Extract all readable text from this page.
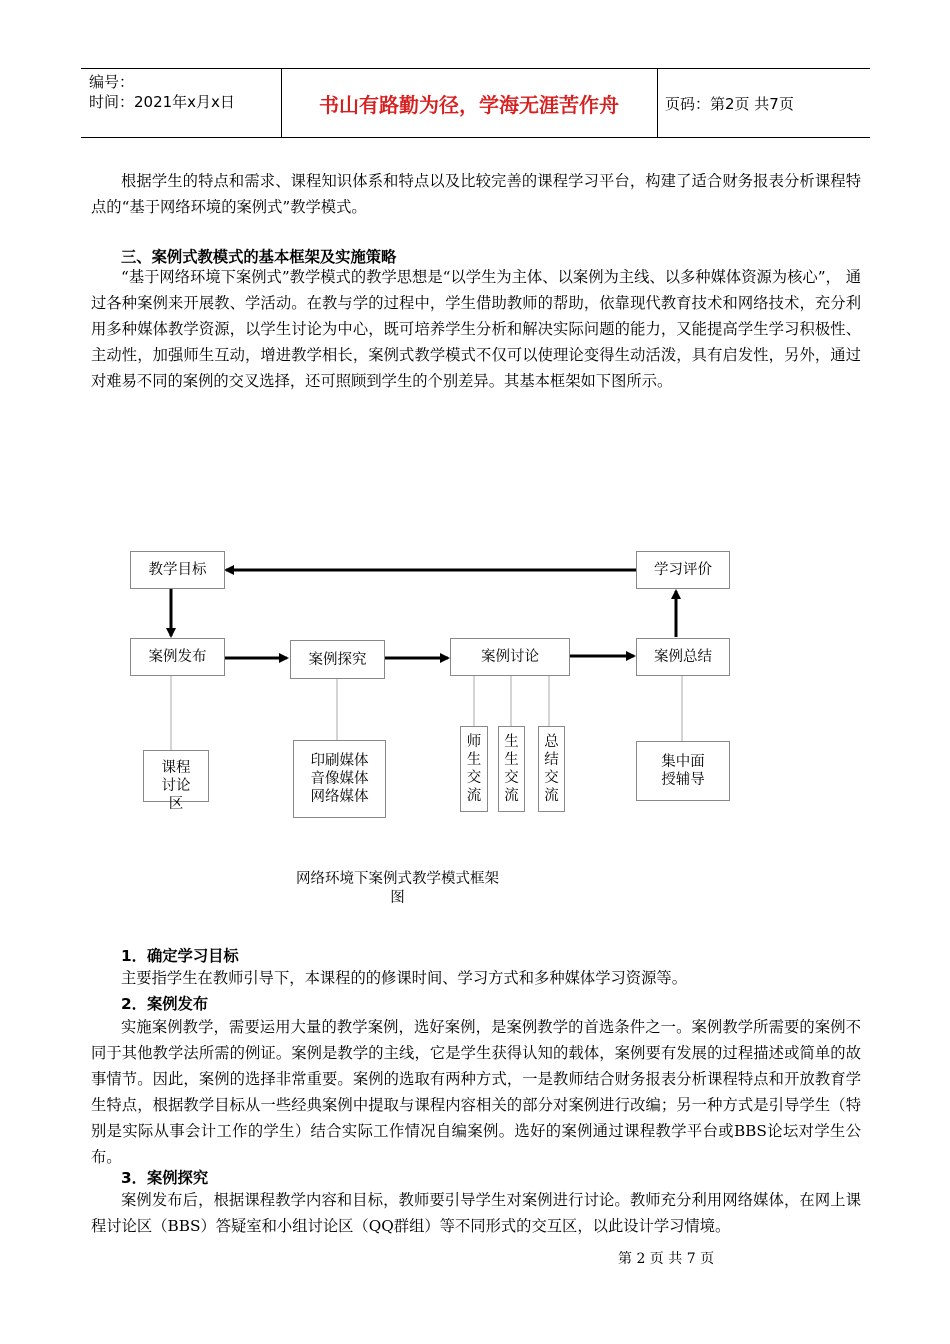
编号：
时间：2021年x月x日	书山有路勤为径，学海无涯苦作舟	页码：第2页 共7页

根据学生的特点和需求、课程知识体系和特点以及比较完善的课程学习平台，构建了适合财务报表分析课程特点的“基于网络环境的案例式”教学模式。

三、案例式教模式的基本框架及实施策略

“基于网络环境下案例式”教学模式的教学思想是“以学生为主体、以案例为主线、以多种媒体资源为核心”， 通过各种案例来开展教、学活动。在教与学的过程中，学生借助教师的帮助，依靠现代教育技术和网络技术，充分利用多种媒体教学资源，以学生讨论为中心，既可培养学生分析和解决实际问题的能力，又能提高学生学习积极性、主动性，加强师生互动，增进教学相长，案例式教学模式不仅可以使理论变得生动活泼，具有启发性，另外，通过对难易不同的案例的交叉选择，还可照顾到学生的个别差异。其基本框架如下图所示。

教学目标	学习评价
案例发布	案例探究	案例讨论	案例总结
课程讨论区
印刷媒体
音像媒体
网络媒体
师生交流
生生交流
总结交流
集中面
授辅导
网络环境下案例式教学模式框架图
1．确定学习目标

主要指学生在教师引导下，本课程的的修课时间、学习方式和多种媒体学习资源等。

2．案例发布

实施案例教学，需要运用大量的教学案例，选好案例，是案例教学的首选条件之一。案例教学所需要的案例不同于其他教学法所需的例证。案例是教学的主线，它是学生获得认知的载体，案例要有发展的过程描述或简单的故事情节。因此，案例的选择非常重要。案例的选取有两种方式，一是教师结合财务报表分析课程特点和开放教育学生特点，根据教学目标从一些经典案例中提取与课程内容相关的部分对案例进行改编；另一种方式是引导学生（特别是实际从事会计工作的学生）结合实际工作情况自编案例。选好的案例通过课程教学平台或BBS论坛对学生公布。

3．案例探究

案例发布后，根据课程教学内容和目标，教师要引导学生对案例进行讨论。教师充分利用网络媒体，在网上课程讨论区（BBS）答疑室和小组讨论区（QQ群组）等不同形式的交互区，以此设计学习情境。

第 2 页 共 7 页
